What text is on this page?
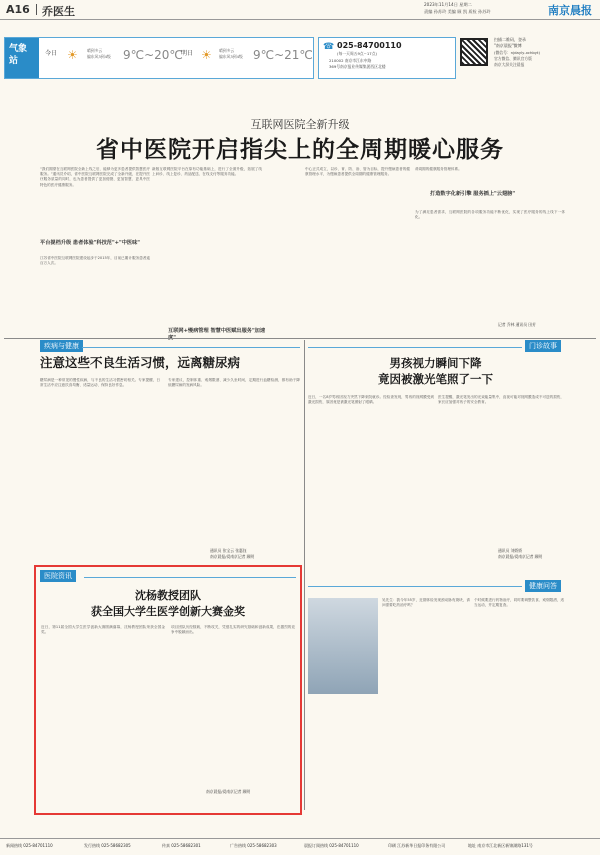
A16 乔医生
2023年11月14日 星期二
责编 孙苏玲 美编 顾 凯 质检 孙苏玲	南京晨报
气象站
今日 ☀ 晴到多云
偏东风3到4级 9℃~20℃
明日 ☀ 晴到多云
偏东风3到4级 9℃~21℃
☎ 025-84700110
(每一天周五9点~17点)
210002 南京市江东中路
369号南京报业传媒集团西区北楼
扫描二维码，登录
"南京晨报"微博
(微信号：njdayly-xchbyt)
官方微信、腾讯官方版
南京大屏关注晨报
互联网医院全新升级
省中医院开启指尖上的全周期暖心服务
“我们期望在互联网医院全新上线之后，能够为更多患者提供智慧医疗服务。”通讯员介绍，省中医院互联网医院完成了全新升级，在提升医疗服务质量的同时，也为患者提供了更加便捷、更加智慧、更具中医特色的医疗健康服务。
平台提档升级 患者体验"科技范"+"中医味"
江苏省中医院互联网医院建设起步于2015年，目前已累计服务患者逾百万人次。
新版互联网医院平台在原有功能基础上，进行了全面升级，拓展了线上问诊、线上复诊、药品配送、在线支付等服务功能。
互联网+慢病管理 智慧中医赋出服务"加速
中心正式成立，以诊、育、防、治、管为目标，提升慢病患者的健康管理水平，为慢病患者提供全周期的健康管理服务。
命周期的健康服务管理体系。
打造数字化新引擎 服务插上"云翅膀"
为了满足患者需求，互联网医院的各项服务功能不断优化，实现了医疗服务的线上线下一体化。
记者 乔林 通讯员 田芳
疾病与健康
注意这些不良生活习惯，远离糖尿病
糖尿病是一种常见的慢性疾病，与不良的生活习惯密切相关。专家提醒，日常生活中应注意饮食均衡、适量运动、保持良好作息。
专家建议，控制体重、戒烟限酒、减少久坐时间，定期进行血糖检测，都有助于降低糖尿病的发病风险。
通讯员 张宝云 张惠钰
南京晨报/爱南京记者 顾明
门诊故事
男孩视力瞬间下降
竟因被激光笔照了一下
近日，一名8岁男孩因视力突然下降来院就诊。经检查发现，男孩的视网膜受到激光损伤，原因竟是被激光笔照射了眼睛。
医生提醒，激光笔发出的光束能量集中，直视可能对视网膜造成不可逆的损伤，家长应加强对孩子的安全教育。
通讯员 刘娇娇
南京晨报/爱南京记者 顾明
医院资讯
沈杨教授团队
获全国大学生医学创新大赛金奖
近日，第11届全国大学生医学创新大赛圆满落幕，沈杨教授团队荣获全国金奖。
项目团队历经数载，不断攻关，凭借扎实的研究基础和创新成果，在激烈的竞争中脱颖而出。
南京晨报/爱南京记者 顾明
健康问答
吴先生：我今年55岁，近期体检发现颈动脉有斑块，请问需要吃药治疗吗？
个时候要进行药物治疗，同时要调整饮食、戒烟限酒，适当运动，并定期复查。
新闻热线 025-84701110	发行热线 025-58682305	传真 025-58682301	广告热线 025-58682303	晨报订阅热线 025-84701110	印刷 江苏新华日报印务有限公司	地址 南京市江北新区新锦湖路131号
